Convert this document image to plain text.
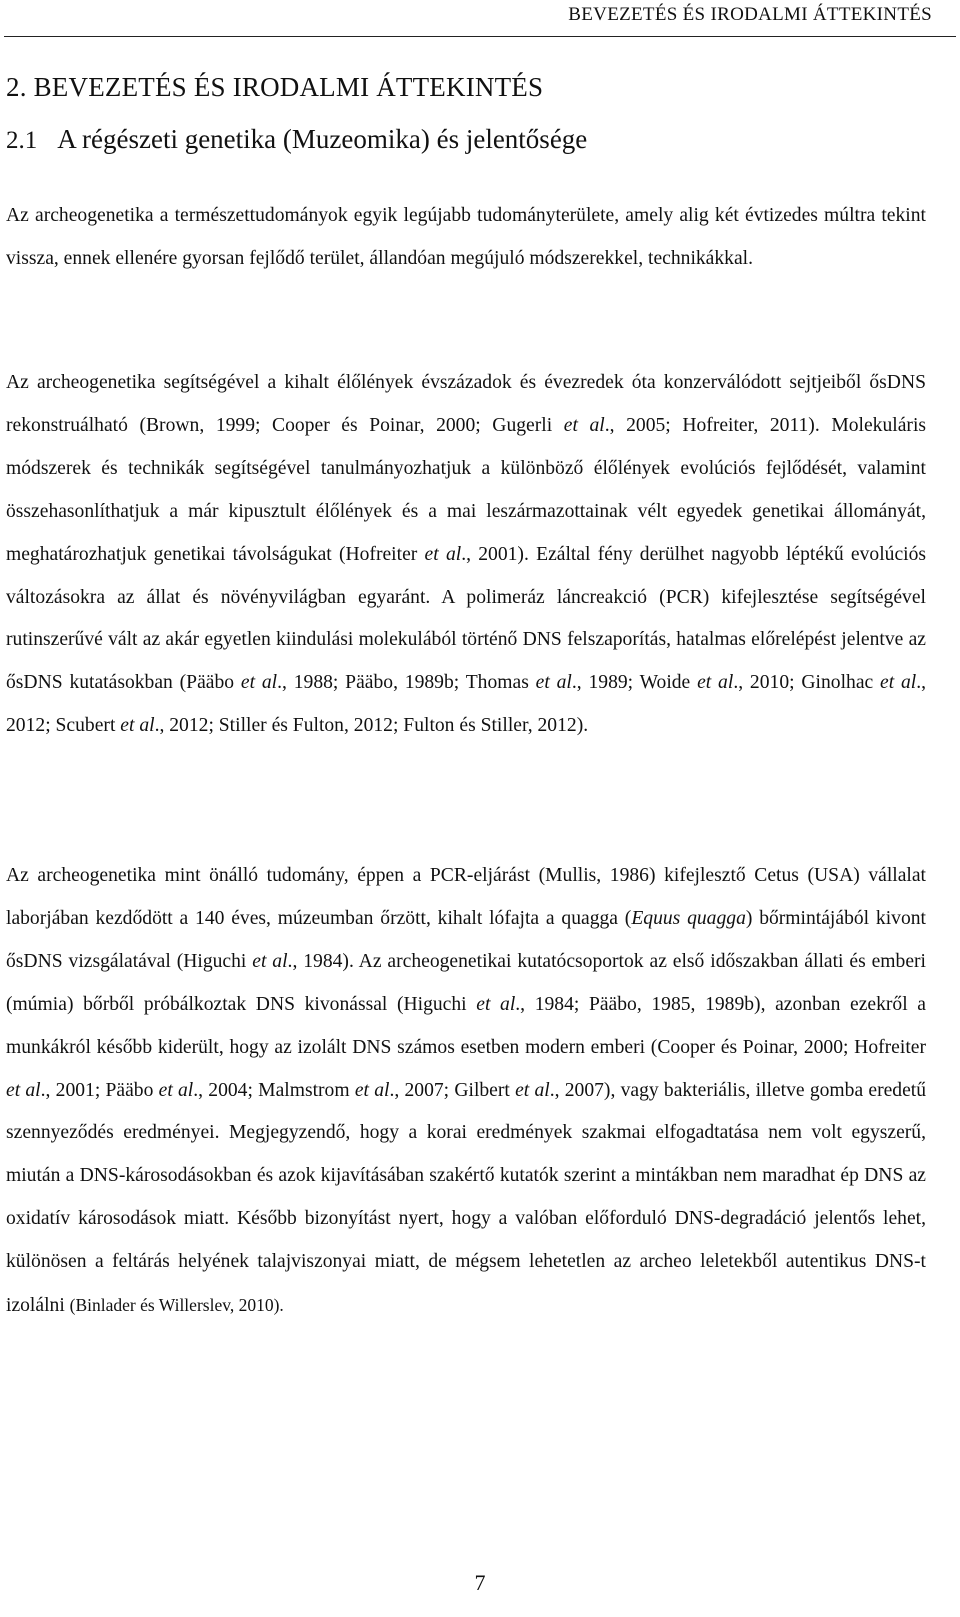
BEVEZETÉS ÉS IRODALMI ÁTTEKINTÉS
2. BEVEZETÉS ÉS IRODALMI ÁTTEKINTÉS
2.1 A régészeti genetika (Muzeomika) és jelentősége

Az archeogenetika a természettudományok egyik legújabb tudományterülete, amely alig két évtizedes múltra tekint vissza, ennek ellenére gyorsan fejlődő terület, állandóan megújuló módszerekkel, technikákkal.

Az archeogenetika segítségével a kihalt élőlények évszázadok és évezredek óta konzerválódott sejtjeiből ősDNS rekonstruálható (Brown, 1999; Cooper és Poinar, 2000; Gugerli et al., 2005; Hofreiter, 2011). Molekuláris módszerek és technikák segítségével tanulmányozhatjuk a különböző élőlények evolúciós fejlődését, valamint összehasonlíthatjuk a már kipusztult élőlények és a mai leszármazottainak vélt egyedek genetikai állományát, meghatározhatjuk genetikai távolságukat (Hofreiter et al., 2001). Ezáltal fény derülhet nagyobb léptékű evolúciós változásokra az állat és növényvilágban egyaránt. A polimeráz láncreakció (PCR) kifejlesztése segítségével rutinszerűvé vált az akár egyetlen kiindulási molekulából történő DNS felszaporítás, hatalmas előrelépést jelentve az ősDNS kutatásokban (Pääbo et al., 1988; Pääbo, 1989b; Thomas et al., 1989; Woide et al., 2010; Ginolhac et al., 2012; Scubert et al., 2012; Stiller és Fulton, 2012; Fulton és Stiller, 2012).

Az archeogenetika mint önálló tudomány, éppen a PCR-eljárást (Mullis, 1986) kifejlesztő Cetus (USA) vállalat laborjában kezdődött a 140 éves, múzeumban őrzött, kihalt lófajta a quagga (Equus quagga) bőrmintájából kivont ősDNS vizsgálatával (Higuchi et al., 1984). Az archeogenetikai kutatócsoportok az első időszakban állati és emberi (múmia) bőrből próbálkoztak DNS kivonással (Higuchi et al., 1984; Pääbo, 1985, 1989b), azonban ezekről a munkákról később kiderült, hogy az izolált DNS számos esetben modern emberi (Cooper és Poinar, 2000; Hofreiter et al., 2001; Pääbo et al., 2004; Malmstrom et al., 2007; Gilbert et al., 2007), vagy bakteriális, illetve gomba eredetű szennyeződés eredményei. Megjegyzendő, hogy a korai eredmények szakmai elfogadtatása nem volt egyszerű, miután a DNS-károsodásokban és azok kijavításában szakértő kutatók szerint a mintákban nem maradhat ép DNS az oxidatív károsodások miatt. Később bizonyítást nyert, hogy a valóban előforduló DNS-degradáció jelentős lehet, különösen a feltárás helyének talajviszonyai miatt, de mégsem lehetetlen az archeo leletekből autentikus DNS-t izolálni (Binlader és Willerslev, 2010).

7
